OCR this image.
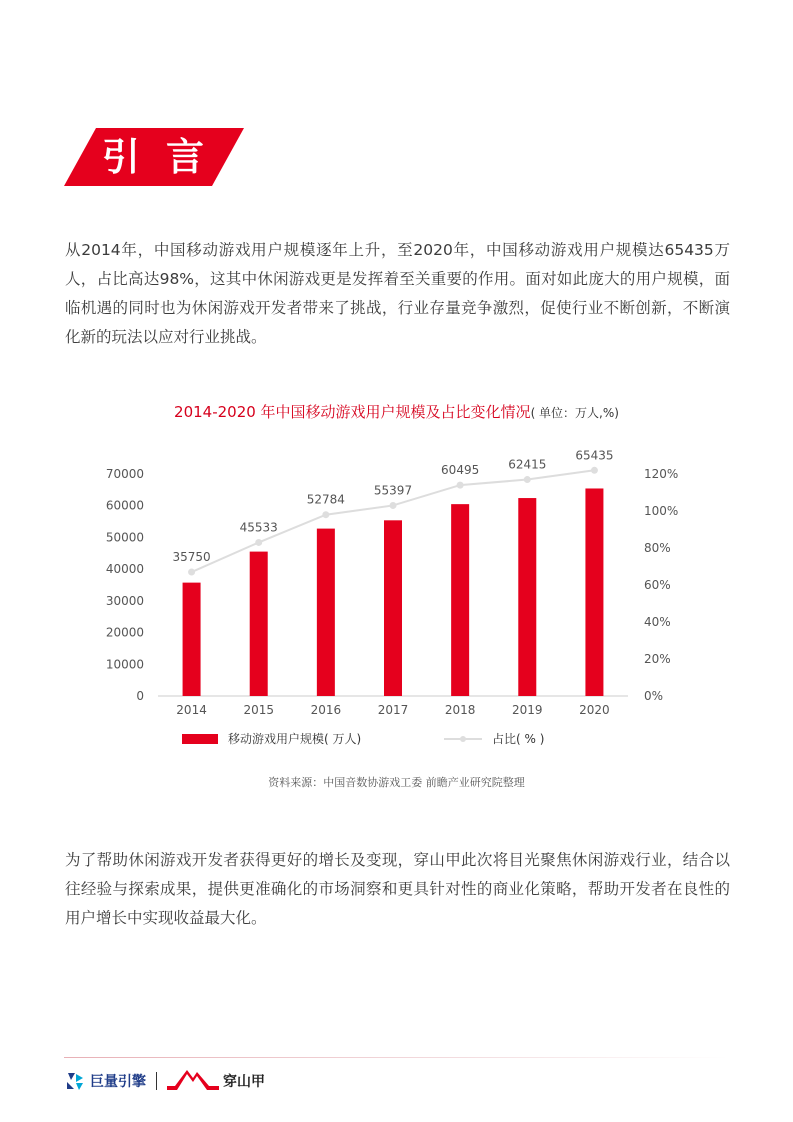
引言

从2014年，中国移动游戏用户规模逐年上升，至2020年，中国移动游戏用户规模达65435万人，占比高达98%，这其中休闲游戏更是发挥着至关重要的作用。面对如此庞大的用户规模，面临机遇的同时也为休闲游戏开发者带来了挑战，行业存量竞争激烈，促使行业不断创新，不断演化新的玩法以应对行业挑战。

2014-2020 年中国移动游戏用户规模及占比变化情况( 单位：万人,%)
0
10000
20000
30000
40000
50000
60000
70000
0%
20%
40%
60%
80%
100%
120%
2014	2015	2016	2017	2018	2019	2020
35750
45533
52784
55397
60495 62415
65435
移动游戏用户规模( 万人)	占比( % )
资料来源：中国音数协游戏工委 前瞻产业研究院整理

为了帮助休闲游戏开发者获得更好的增长及变现，穿山甲此次将目光聚焦休闲游戏行业，结合以往经验与探索成果，提供更准确化的市场洞察和更具针对性的商业化策略，帮助开发者在良性的用户增长中实现收益最大化。

巨量引擎	穿山甲
